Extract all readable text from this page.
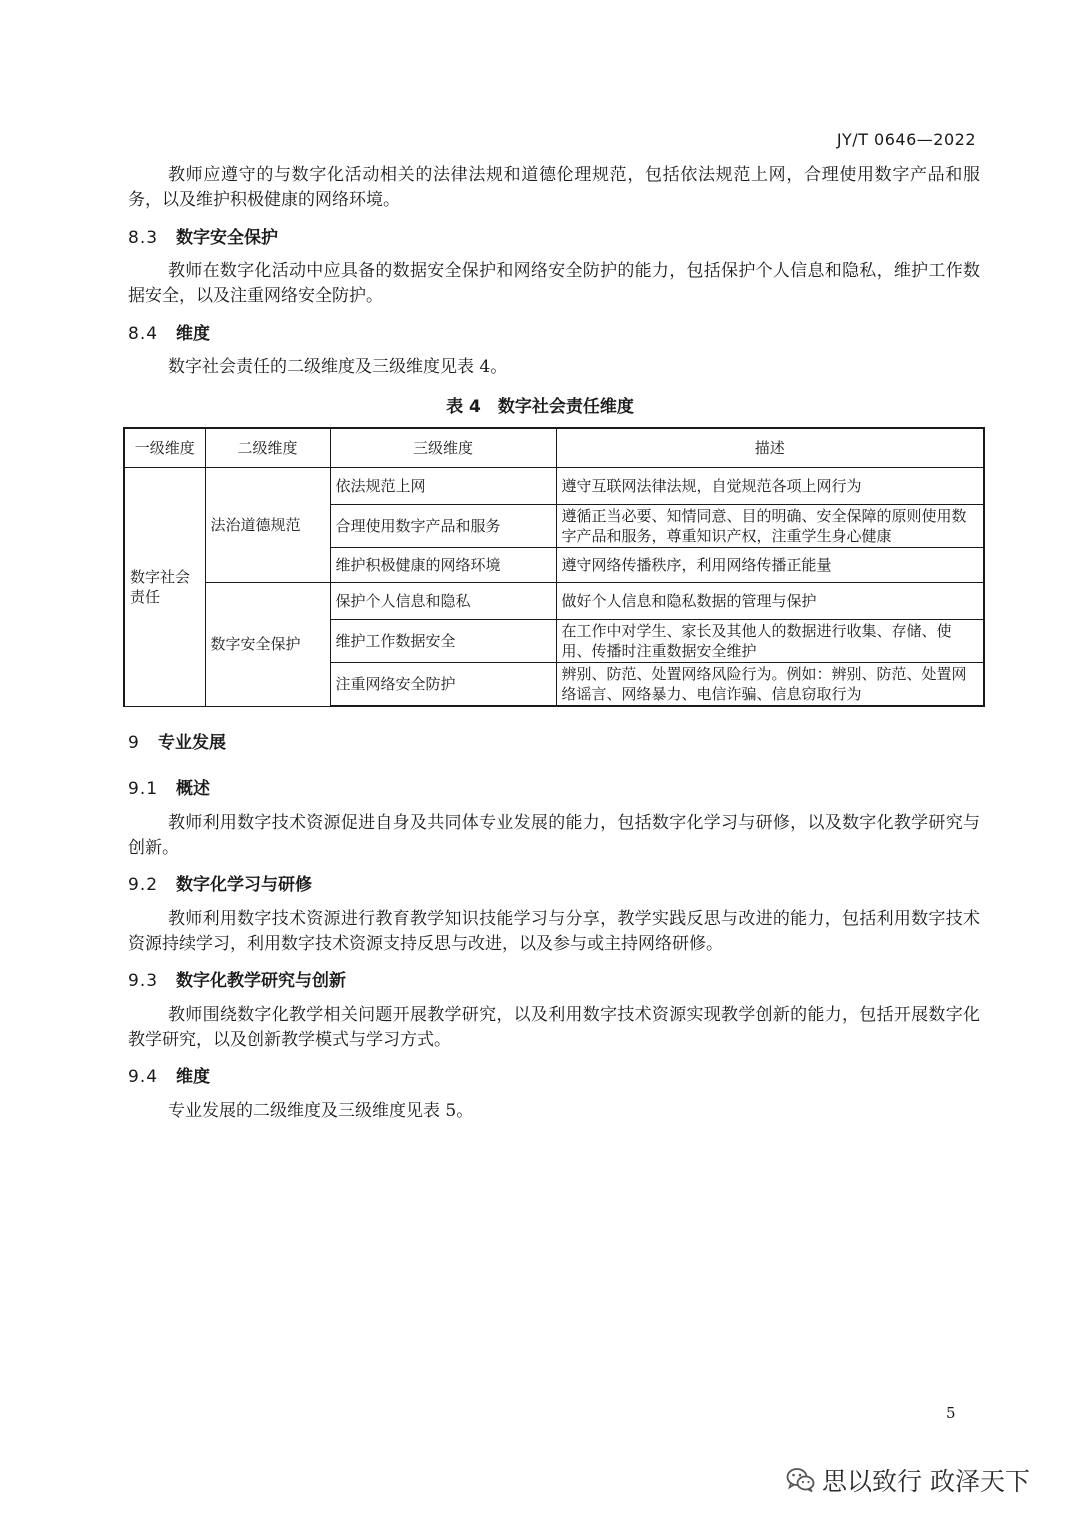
JY/T 0646—2022

教师应遵守的与数字化活动相关的法律法规和道德伦理规范，包括依法规范上网，合理使用数字产品和服务，以及维护积极健康的网络环境。

8.3 数字安全保护

教师在数字化活动中应具备的数据安全保护和网络安全防护的能力，包括保护个人信息和隐私，维护工作数据安全，以及注重网络安全防护。

8.4 维度

数字社会责任的二级维度及三级维度见表 4。

表 4　数字社会责任维度
一级维度	二级维度	三级维度	描述
数字社会责任	法治道德规范	依法规范上网	遵守互联网法律法规，自觉规范各项上网行为
		合理使用数字产品和服务	遵循正当必要、知情同意、目的明确、安全保障的原则使用数字产品和服务，尊重知识产权，注重学生身心健康
		维护积极健康的网络环境	遵守网络传播秩序，利用网络传播正能量
	数字安全保护	保护个人信息和隐私	做好个人信息和隐私数据的管理与保护
		维护工作数据安全	在工作中对学生、家长及其他人的数据进行收集、存储、使用、传播时注重数据安全维护
		注重网络安全防护	辨别、防范、处置网络风险行为。例如：辨别、防范、处置网络谣言、网络暴力、电信诈骗、信息窃取行为
9 专业发展
9.1 概述

教师利用数字技术资源促进自身及共同体专业发展的能力，包括数字化学习与研修，以及数字化教学研究与创新。

9.2 数字化学习与研修

教师利用数字技术资源进行教育教学知识技能学习与分享，教学实践反思与改进的能力，包括利用数字技术资源持续学习，利用数字技术资源支持反思与改进，以及参与或主持网络研修。

9.3 数字化教学研究与创新

教师围绕数字化教学相关问题开展教学研究，以及利用数字技术资源实现教学创新的能力，包括开展数字化教学研究，以及创新教学模式与学习方式。

9.4 维度

专业发展的二级维度及三级维度见表 5。

5
思以致行 政泽天下
